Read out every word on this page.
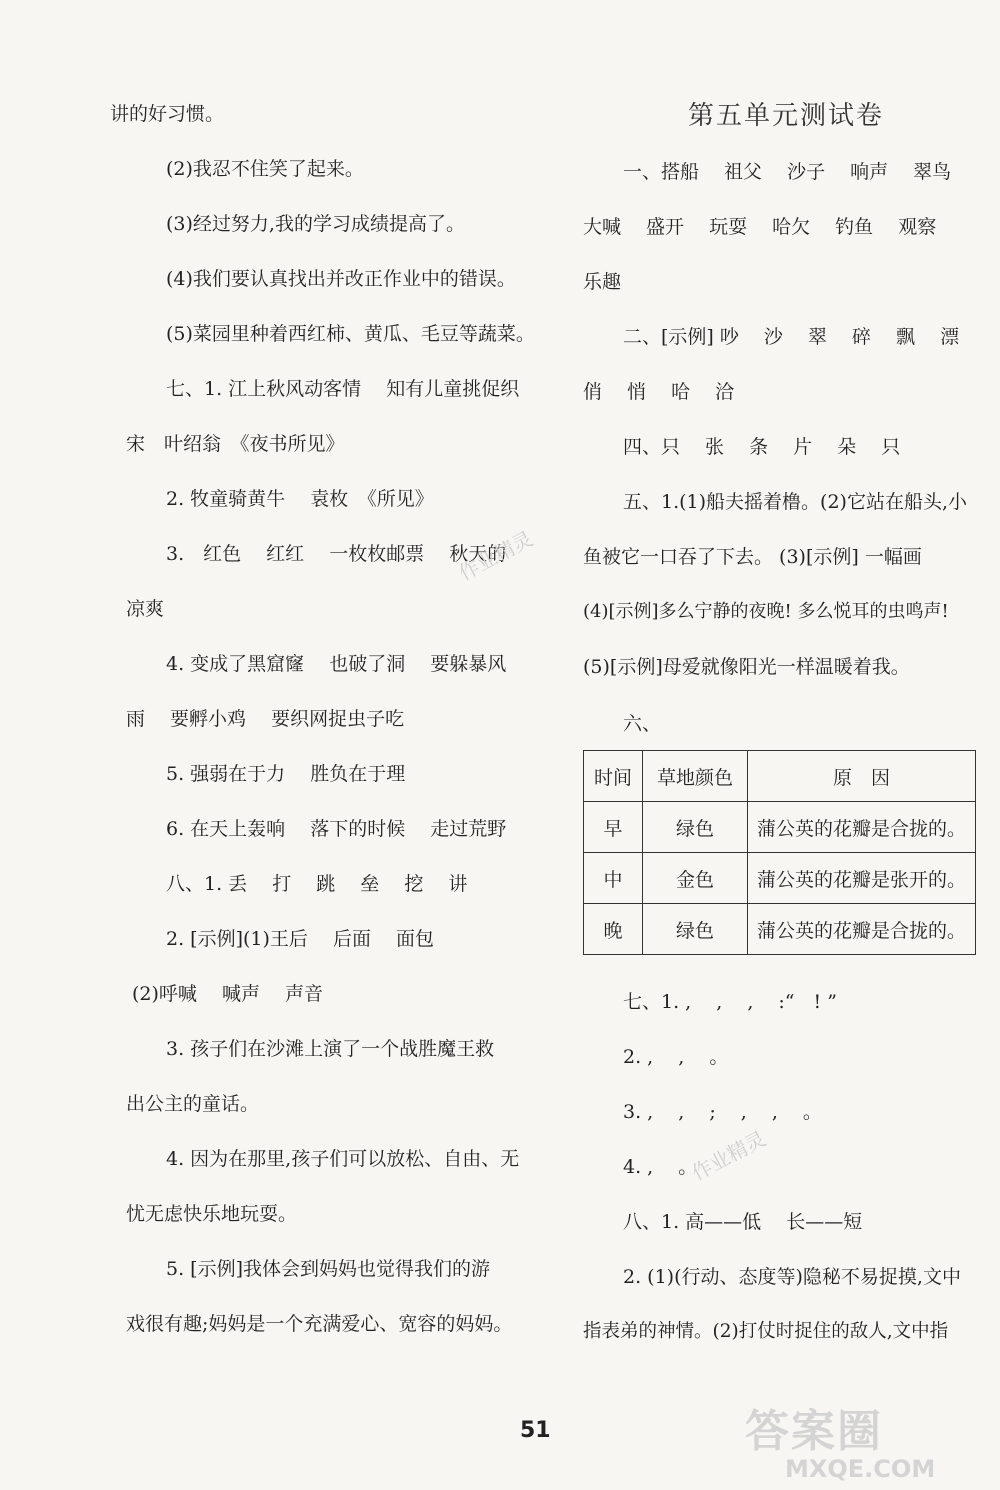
讲的好习惯。
(2)我忍不住笑了起来。
(3)经过努力,我的学习成绩提高了。
(4)我们要认真找出并改正作业中的错误。
(5)菜园里种着西红柿、黄瓜、毛豆等蔬菜。
七、1. 江上秋风动客情　 知有儿童挑促织
宋　叶绍翁　《夜书所见》
2. 牧童骑黄牛　 袁枚　《所见》
3.　红色　 红红　 一枚枚邮票　 秋天的
凉爽
4. 变成了黑窟窿　 也破了洞　 要躲暴风
雨　 要孵小鸡　 要织网捉虫子吃
5. 强弱在于力　 胜负在于理
6. 在天上轰响　 落下的时候　 走过荒野
八、1. 丢　 打　 跳　 垒　 挖　 讲
2. [示例](1)王后　 后面　 面包
(2)呼喊　 喊声　 声音
3. 孩子们在沙滩上演了一个战胜魔王救
出公主的童话。
4. 因为在那里,孩子们可以放松、自由、无
忧无虑快乐地玩耍。
5. [示例]我体会到妈妈也觉得我们的游
戏很有趣;妈妈是一个充满爱心、宽容的妈妈。
第五单元测试卷
一、搭船　 祖父　 沙子　 响声　 翠鸟
大喊　 盛开　 玩耍　 哈欠　 钓鱼　 观察
乐趣
二、[示例] 吵　 沙　 翠　 碎　 飘　 漂
俏　 悄　 哈　 洽
四、只　 张　 条　 片　 朵　 只
五、1.(1)船夫摇着橹。(2)它站在船头,小
鱼被它一口吞了下去。 (3)[示例] 一幅画
(4)[示例]多么宁静的夜晚! 多么悦耳的虫鸣声!
(5)[示例]母爱就像阳光一样温暖着我。
六、
时间	草地颜色	原　因
早	绿色	蒲公英的花瓣是合拢的。
中	金色	蒲公英的花瓣是张开的。
晚	绿色	蒲公英的花瓣是合拢的。
七、1. ,　 ,　 ,　 :“　! ”
2. ,　 ,　 。
3. ,　 ,　 ;　 ,　 ,　 。
4. ,　 。
八、1. 高——低　 长——短
2. (1)(行动、态度等)隐秘不易捉摸,文中
指表弟的神情。(2)打仗时捉住的敌人,文中指
作业精灵
作业精灵
51	答案圈
MXQE.COM
